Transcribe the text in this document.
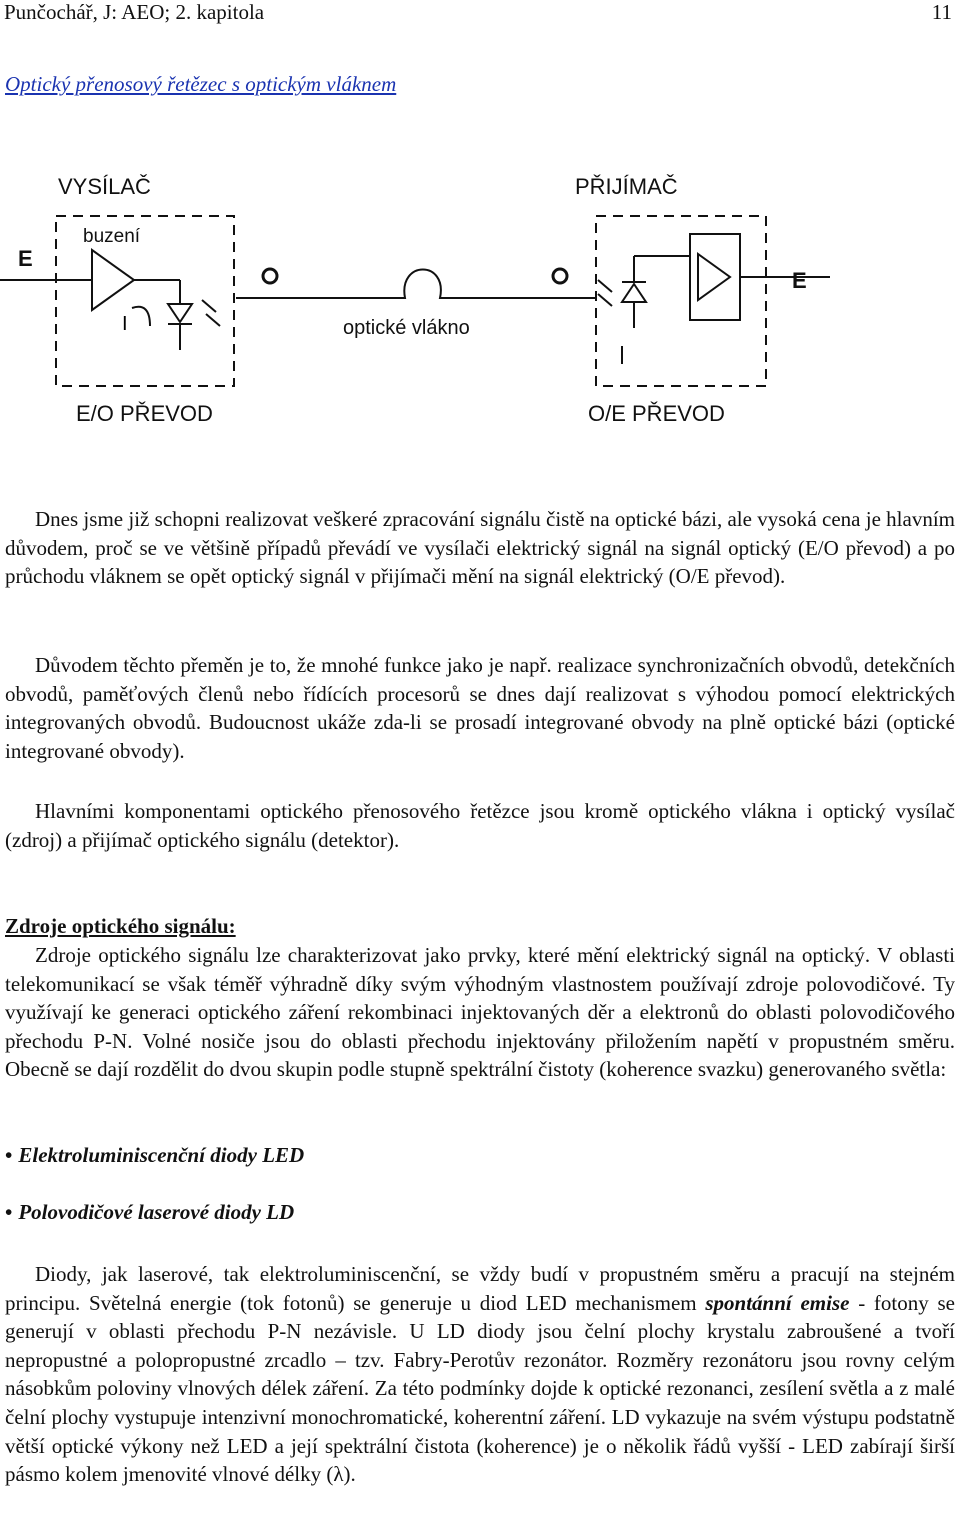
Punčochář, J: AEO; 2. kapitola	11
Optický přenosový řetězec s optickým vláknem
VYSÍLAČ	PŘIJÍMAČ
E/O PŘEVOD	O/E PŘEVOD
E
E
buzení
optické vlákno
I
Dnes jsme již schopni realizovat veškeré zpracování signálu čistě na optické bázi, ale vysoká cena je hlavním důvodem, proč se ve většině případů převádí ve vysílači elektrický signál na signál optický (E/O převod) a po průchodu vláknem se opět optický signál v přijímači mění na signál elektrický (O/E převod).
Důvodem těchto přeměn je to, že mnohé funkce jako je např. realizace synchronizačních obvodů, detekčních obvodů, paměťových členů nebo řídících procesorů se dnes dají realizovat s výhodou pomocí elektrických integrovaných obvodů. Budoucnost ukáže zda-li se prosadí integrované obvody na plně optické bázi (optické integrované obvody).
Hlavními komponentami optického přenosového řetězce jsou kromě optického vlákna i optický vysílač (zdroj) a přijímač optického signálu (detektor).
Zdroje optického signálu:
Zdroje optického signálu lze charakterizovat jako prvky, které mění elektrický signál na optický. V oblasti telekomunikací se však téměř výhradně díky svým výhodným vlastnostem používají zdroje polovodičové. Ty využívají ke generaci optického záření rekombinaci injektovaných děr a elektronů do oblasti polovodičového přechodu P-N. Volné nosiče jsou do oblasti přechodu injektovány přiložením napětí v propustném směru. Obecně se dají rozdělit do dvou skupin podle stupně spektrální čistoty (koherence svazku) generovaného světla:
• Elektroluminiscenční diody LED
• Polovodičové laserové diody LD
Diody, jak laserové, tak elektroluminiscenční, se vždy budí v propustném směru a pracují na stejném principu. Světelná energie (tok fotonů) se generuje u diod LED mechanismem spontánní emise - fotony se generují v oblasti přechodu P-N nezávisle. U LD diody jsou čelní plochy krystalu zabroušené a tvoří nepropustné a polopropustné zrcadlo – tzv. Fabry-Perotův rezonátor. Rozměry rezonátoru jsou rovny celým násobkům poloviny vlnových délek záření. Za této podmínky dojde k optické rezonanci, zesílení světla a z malé čelní plochy vystupuje intenzivní monochromatické, koherentní záření. LD vykazuje na svém výstupu podstatně větší optické výkony než LED a její spektrální čistota (koherence) je o několik řádů vyšší - LED zabírají širší pásmo kolem jmenovité vlnové délky (λ).
